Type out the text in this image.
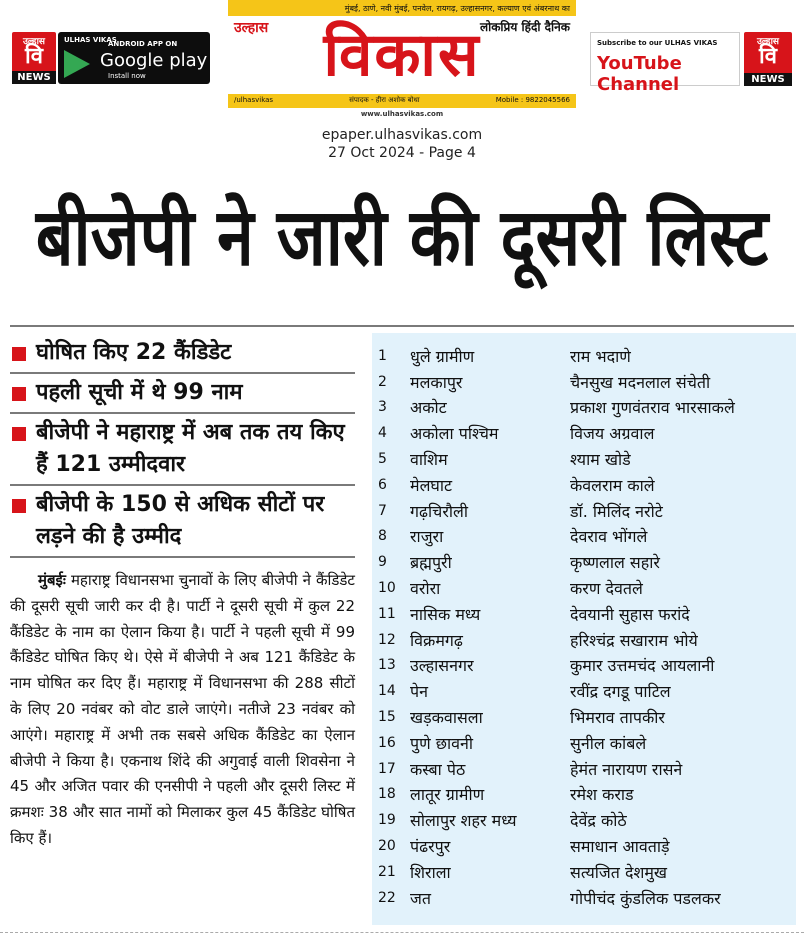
उल्हास
वि
NEWS
ULHAS VIKAS
ANDROID APP ON
Google play
Install now
मुंबई, ठाणे, नवी मुंबई, पनवेल, रायगढ़, उल्हासनगर, कल्याण एवं अंबरनाथ का
उल्हास	लोकप्रिय हिंदी दैनिक
विकास
/ulhasvikas	संपादक - हीरा अशोक बोधा	Mobile : 9822045566
www.ulhasvikas.com
Subscribe to our ULHAS VIKAS
YouTube Channel
उल्हास
वि
NEWS
epaper.ulhasvikas.com
27 Oct 2024 - Page 4
बीजेपी ने जारी की दूसरी लिस्ट
घोषित किए 22 कैंडिडेट
पहली सूची में थे 99 नाम
बीजेपी ने महाराष्ट्र में अब तक तय किए हैं 121 उम्मीदवार
बीजेपी के 150 से अधिक सीटों पर लड़ने की है उम्मीद
मुंबईः महाराष्ट्र विधानसभा चुनावों के लिए बीजेपी ने कैंडिडेट की दूसरी सूची जारी कर दी है। पार्टी ने दूसरी सूची में कुल 22 कैंडिडेट के नाम का ऐलान किया है। पार्टी ने पहली सूची में 99 कैंडिडेट घोषित किए थे। ऐसे में बीजेपी ने अब 121 कैंडिडेट के नाम घोषित कर दिए हैं। महाराष्ट्र में विधानसभा की 288 सीटों के लिए 20 नवंबर को वोट डाले जाएंगे। नतीजे 23 नवंबर को आएंगे। महाराष्ट्र में अभी तक सबसे अधिक कैंडिडेट का ऐलान बीजेपी ने किया है। एकनाथ शिंदे की अगुवाई वाली शिवसेना ने 45 और अजित पवार की एनसीपी ने पहली और दूसरी लिस्ट में क्रमशः 38 और सात नामों को मिलाकर कुल 45 कैंडिडेट घोषित किए हैं।
1	धुले ग्रामीण	राम भदाणे
2	मलकापुर	चैनसुख मदनलाल संचेती
3	अकोट	प्रकाश गुणवंतराव भारसाकले
4	अकोला पश्चिम	विजय अग्रवाल
5	वाशिम	श्याम खोडे
6	मेलघाट	केवलराम काले
7	गढ़चिरौली	डॉ. मिलिंद नरोटे
8	राजुरा	देवराव भोंगले
9	ब्रह्मपुरी	कृष्णलाल सहारे
10 वरोरा	करण देवतले
11 नासिक मध्य	देवयानी सुहास फरांदे
12 विक्रमगढ़	हरिश्चंद्र सखाराम भोये
13 उल्हासनगर	कुमार उत्तमचंद आयलानी
14 पेन	रवींद्र दगडू पाटिल
15 खड़कवासला	भिमराव तापकीर
16 पुणे छावनी	सुनील कांबले
17 कस्बा पेठ	हेमंत नारायण रासने
18 लातूर ग्रामीण	रमेश कराड
19 सोलापुर शहर मध्य	देवेंद्र कोठे
20 पंढरपुर	समाधान आवताड़े
21 शिराला	सत्यजित देशमुख
22 जत	गोपीचंद कुंडलिक पडलकर
